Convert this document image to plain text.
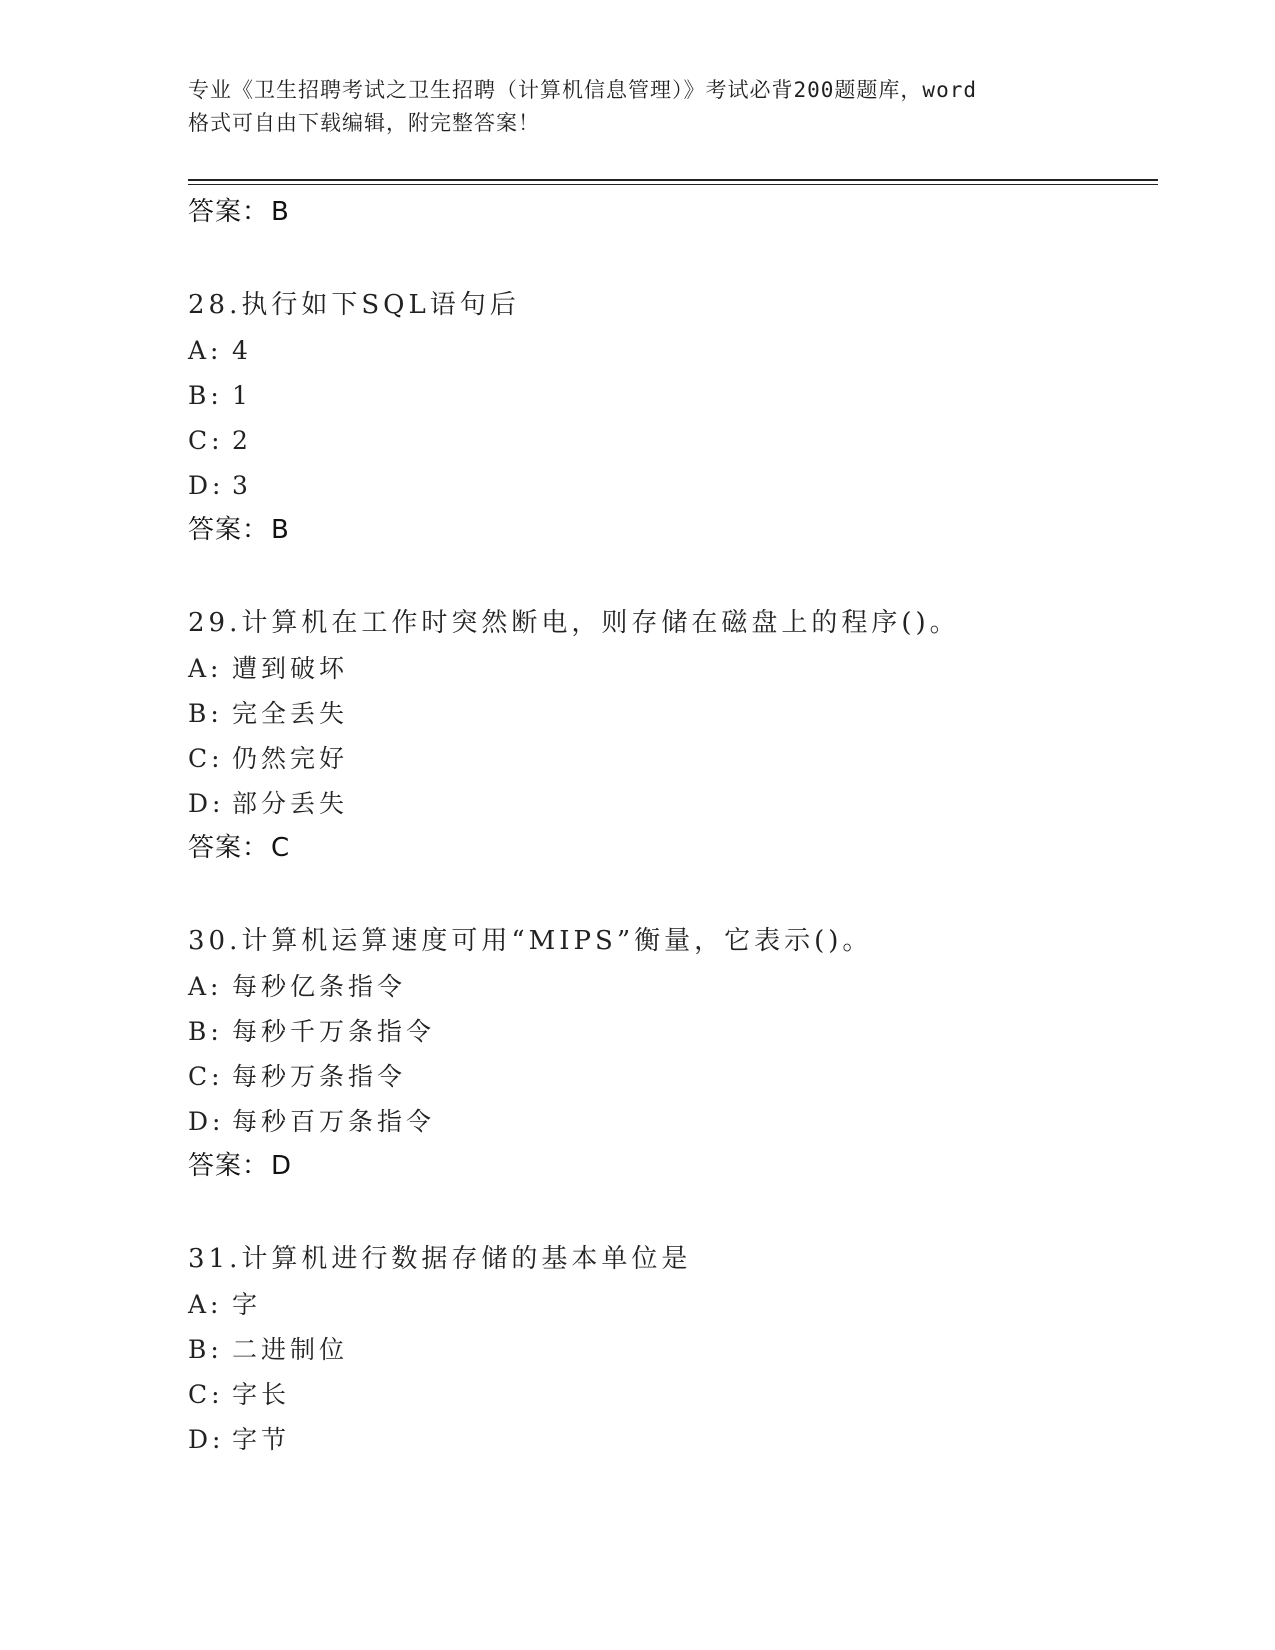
专业《卫生招聘考试之卫生招聘（计算机信息管理）》考试必背200题题库，word
格式可自由下载编辑，附完整答案！
答案：B
28.执行如下SQL语句后
A: 4
B: 1
C: 2
D: 3
答案：B
29.计算机在工作时突然断电，则存储在磁盘上的程序()。
A: 遭到破坏
B: 完全丢失
C: 仍然完好
D: 部分丢失
答案：C
30.计算机运算速度可用“MIPS”衡量，它表示()。
A: 每秒亿条指令
B: 每秒千万条指令
C: 每秒万条指令
D: 每秒百万条指令
答案：D
31.计算机进行数据存储的基本单位是
A: 字
B: 二进制位
C: 字长
D: 字节
